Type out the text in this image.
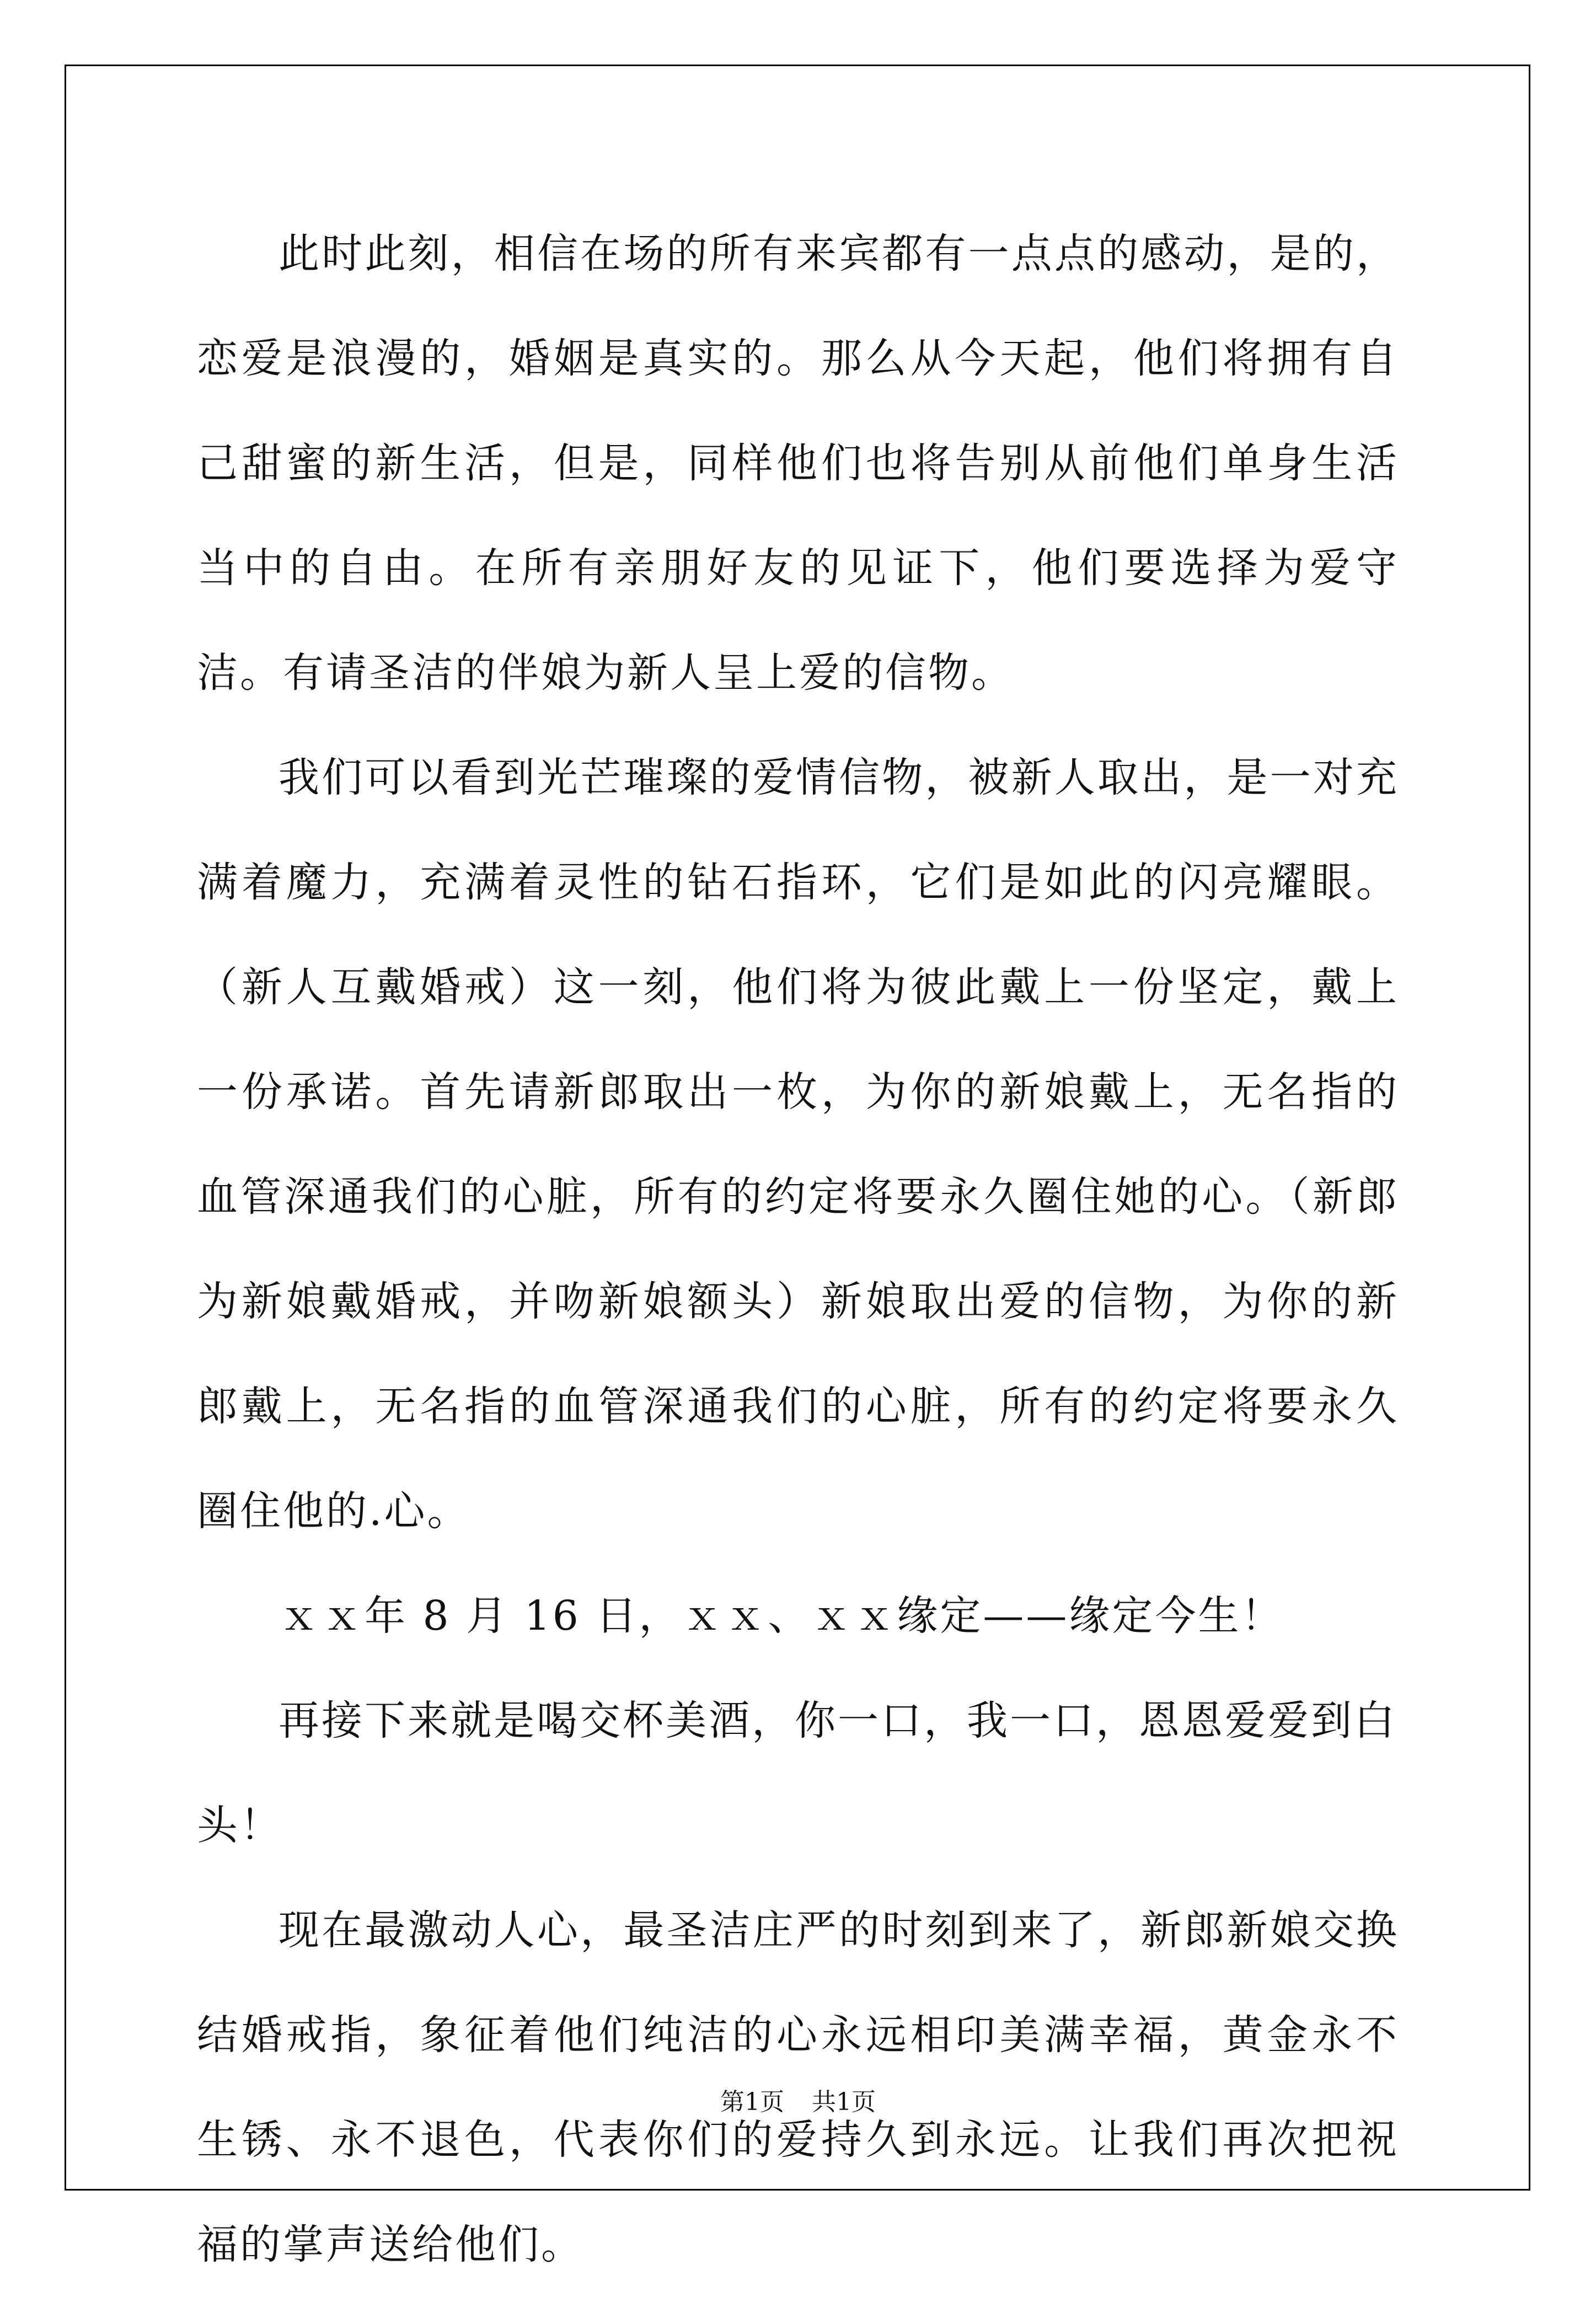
此时此刻，相信在场的所有来宾都有一点点的感动，是的，恋爱是浪漫的，婚姻是真实的。那么从今天起，他们将拥有自己甜蜜的新生活，但是，同样他们也将告别从前他们单身生活当中的自由。在所有亲朋好友的见证下，他们要选择为爱守洁。有请圣洁的伴娘为新人呈上爱的信物。

我们可以看到光芒璀璨的爱情信物，被新人取出，是一对充满着魔力，充满着灵性的钻石指环，它们是如此的闪亮耀眼。（新人互戴婚戒）这一刻，他们将为彼此戴上一份坚定，戴上一份承诺。首先请新郎取出一枚，为你的新娘戴上，无名指的血管深通我们的心脏，所有的约定将要永久圈住她的心。（新郎为新娘戴婚戒，并吻新娘额头）新娘取出爱的信物，为你的新郎戴上，无名指的血管深通我们的心脏，所有的约定将要永久圈住他的.心。

ｘｘ年 8 月 16 日，ｘｘ、ｘｘ缘定——缘定今生！

再接下来就是喝交杯美酒，你一口，我一口，恩恩爱爱到白头！

现在最激动人心，最圣洁庄严的时刻到来了，新郎新娘交换结婚戒指，象征着他们纯洁的心永远相印美满幸福，黄金永不生锈、永不退色，代表你们的爱持久到永远。让我们再次把祝福的掌声送给他们。

第1页 共1页
